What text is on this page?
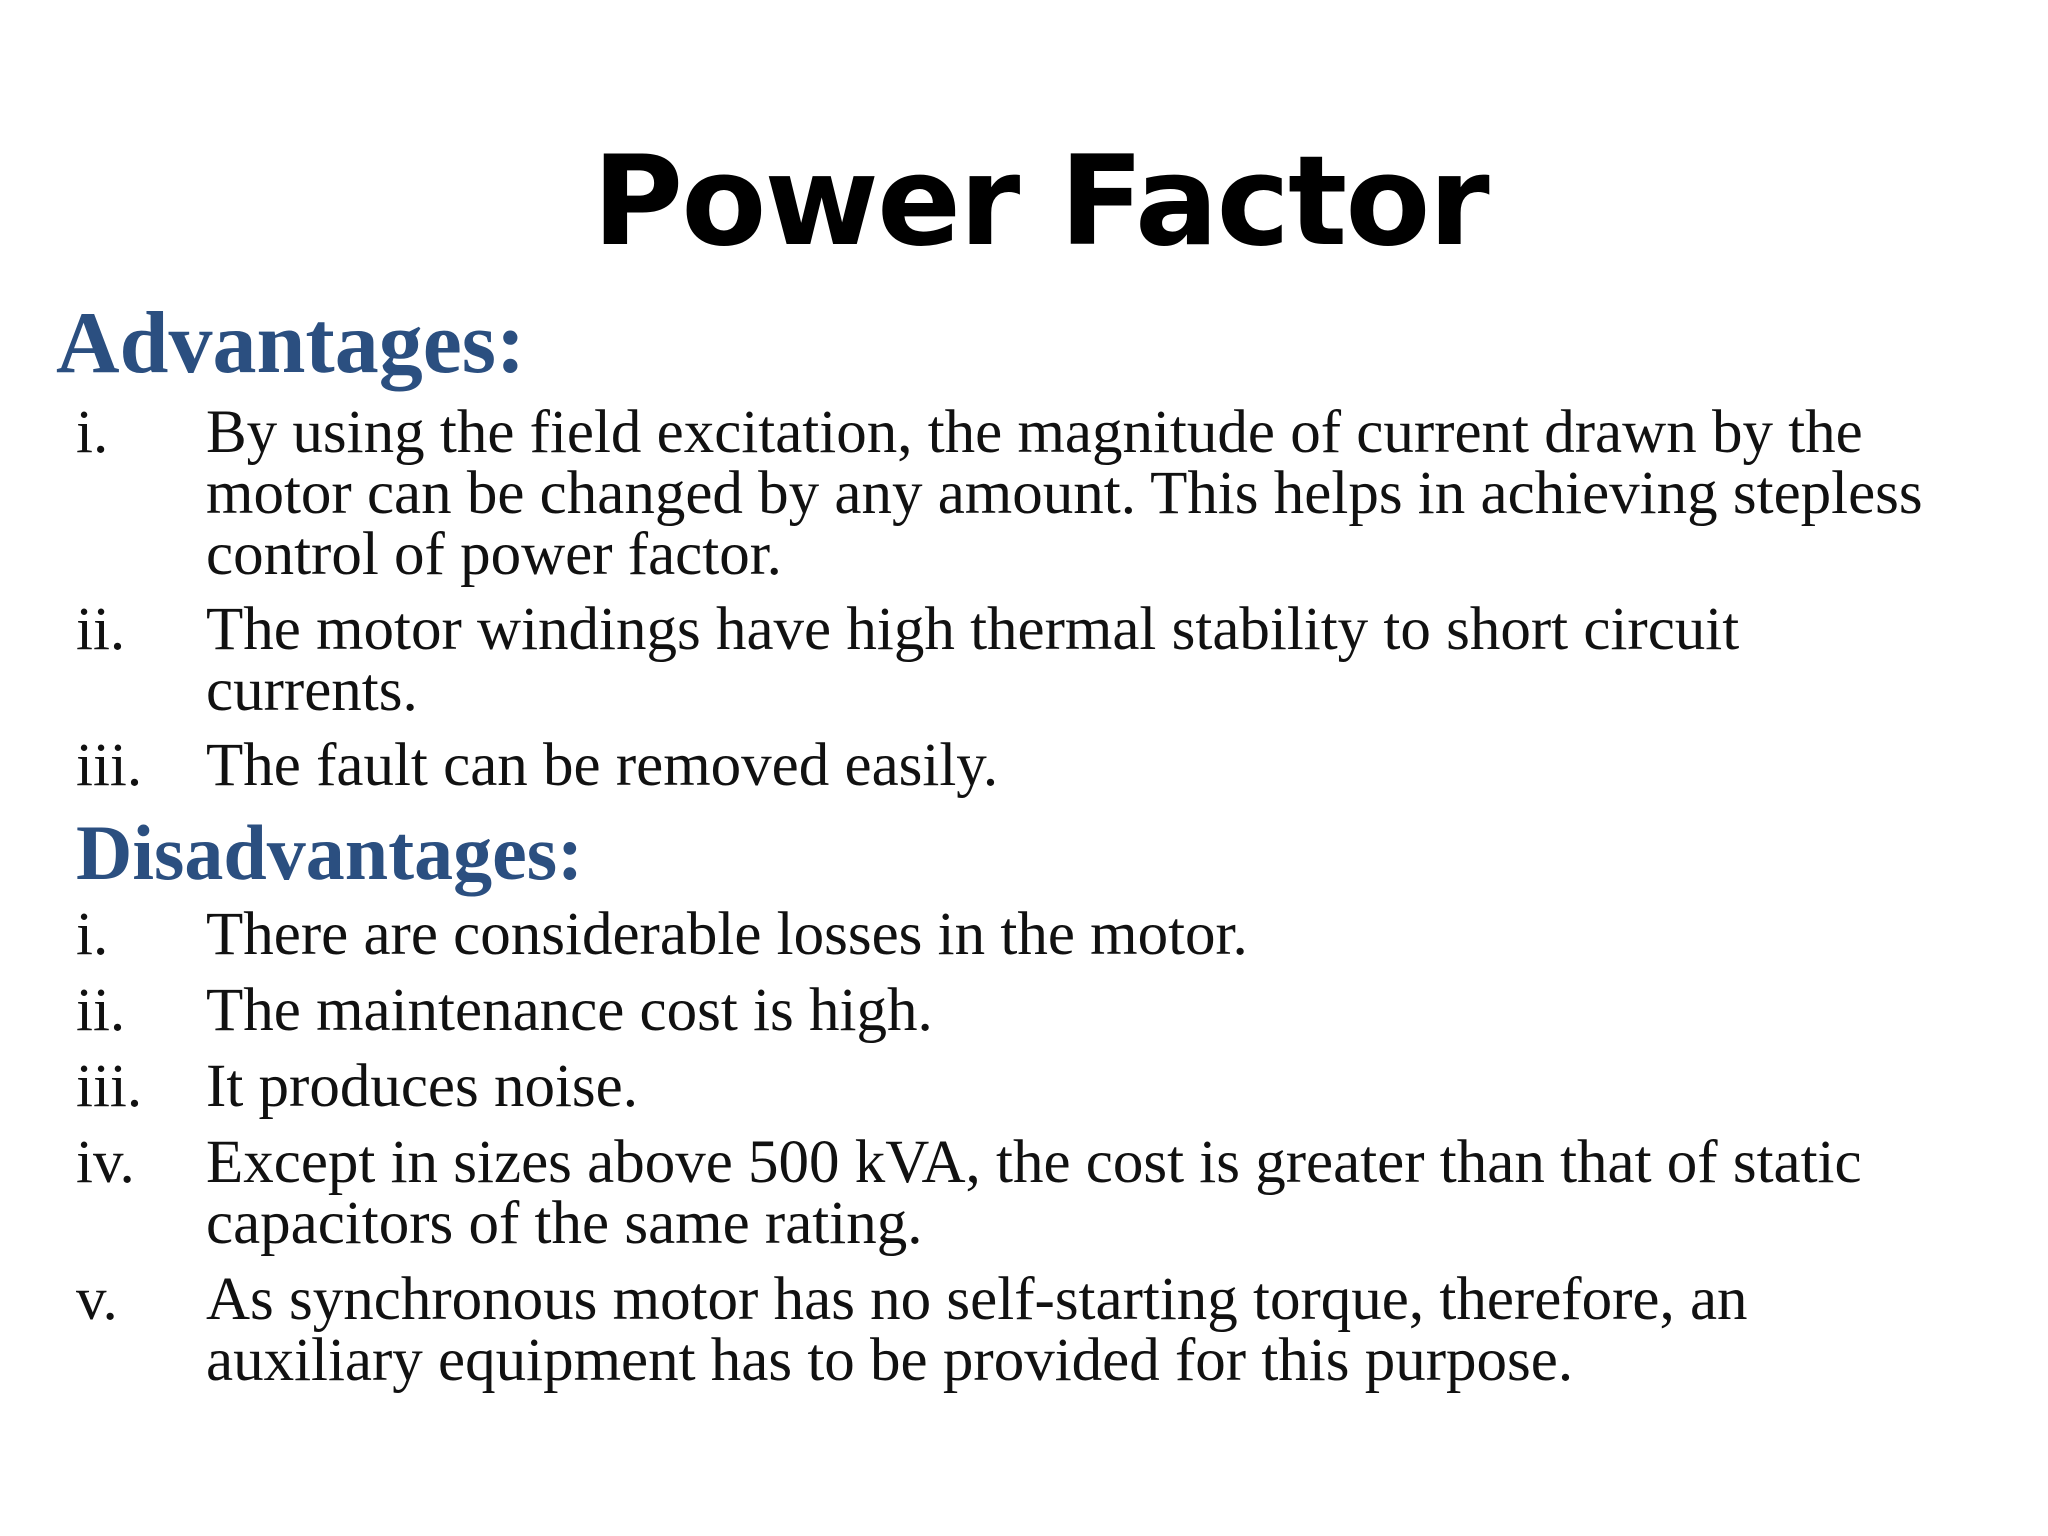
Power Factor
Advantages:
i. By using the field excitation, the magnitude of current drawn by the
motor can be changed by any amount. This helps in achieving stepless
control of power factor.
ii. The motor windings have high thermal stability to short circuit
currents.
iii. The fault can be removed easily.
Disadvantages:
i. There are considerable losses in the motor.
ii. The maintenance cost is high.
iii. It produces noise.
iv. Except in sizes above 500 kVA, the cost is greater than that of static
capacitors of the same rating.
v. As synchronous motor has no self-starting torque, therefore, an
auxiliary equipment has to be provided for this purpose.
